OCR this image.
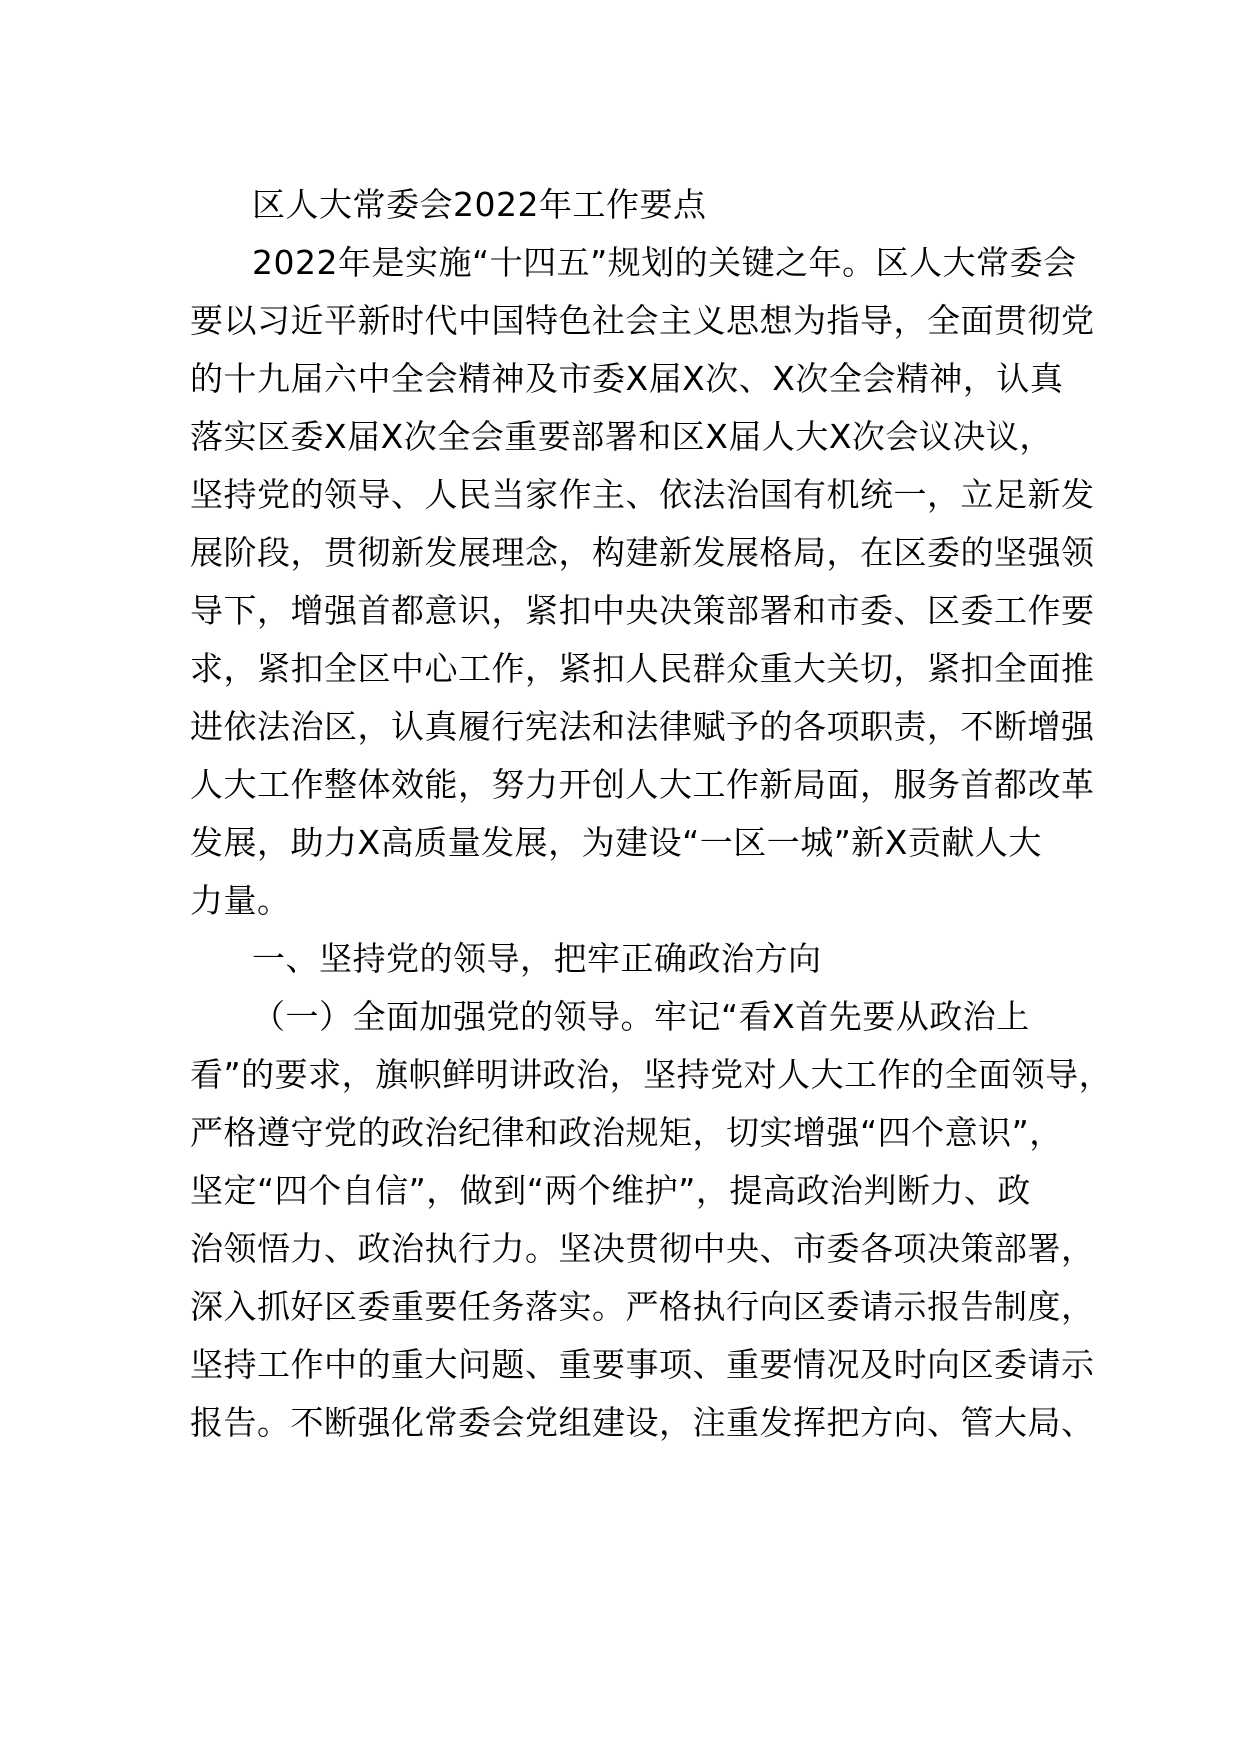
区人大常委会2022年工作要点
2022年是实施“十四五”规划的关键之年。区人大常委会
要以习近平新时代中国特色社会主义思想为指导，全面贯彻党
的十九届六中全会精神及市委X届X次、X次全会精神，认真
落实区委X届X次全会重要部署和区X届人大X次会议决议，
坚持党的领导、人民当家作主、依法治国有机统一，立足新发
展阶段，贯彻新发展理念，构建新发展格局，在区委的坚强领
导下，增强首都意识，紧扣中央决策部署和市委、区委工作要
求，紧扣全区中心工作，紧扣人民群众重大关切，紧扣全面推
进依法治区，认真履行宪法和法律赋予的各项职责，不断增强
人大工作整体效能，努力开创人大工作新局面，服务首都改革
发展，助力X高质量发展，为建设“一区一城”新X贡献人大
力量。
一、坚持党的领导，把牢正确政治方向
（一）全面加强党的领导。牢记“看X首先要从政治上
看”的要求，旗帜鲜明讲政治，坚持党对人大工作的全面领导，
严格遵守党的政治纪律和政治规矩，切实增强“四个意识”，
坚定“四个自信”，做到“两个维护”，提高政治判断力、政
治领悟力、政治执行力。坚决贯彻中央、市委各项决策部署，
深入抓好区委重要任务落实。严格执行向区委请示报告制度，
坚持工作中的重大问题、重要事项、重要情况及时向区委请示
报告。不断强化常委会党组建设，注重发挥把方向、管大局、
